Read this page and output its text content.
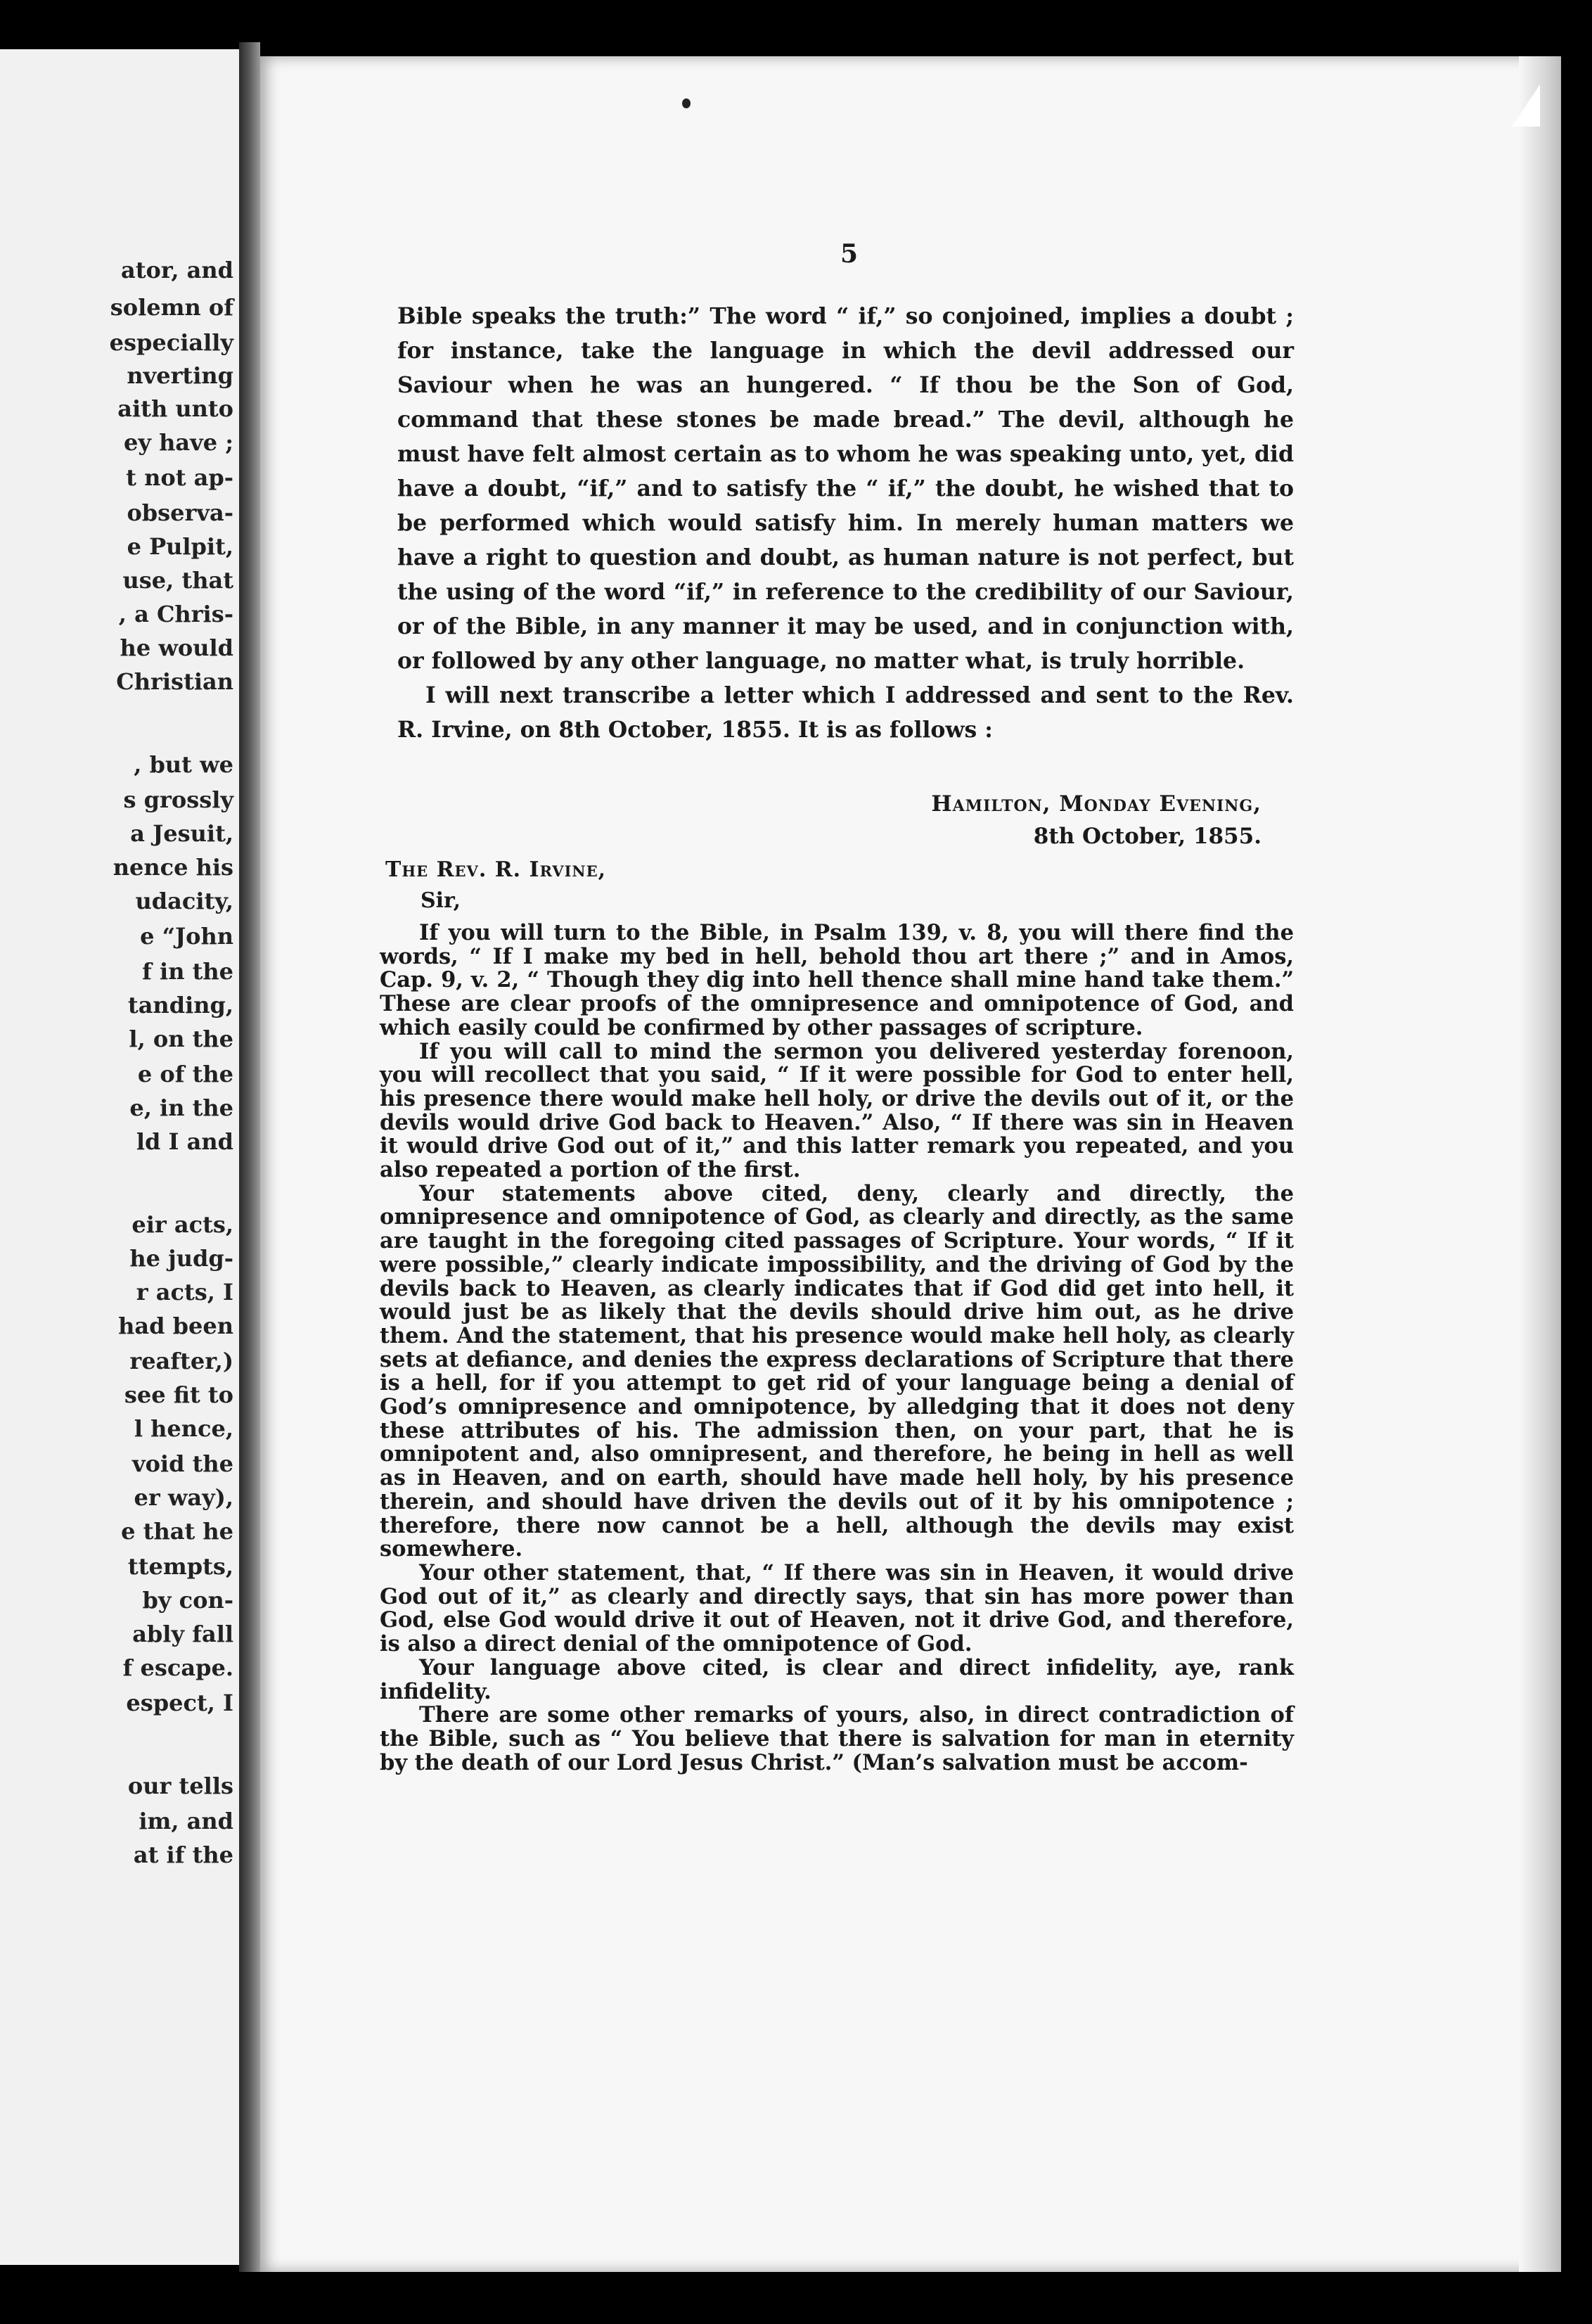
ator, and
solemn of
especially
nverting
aith unto
ey have ;
t not ap-
observa-
e Pulpit,
use, that
, a Chris-
he would
Christian
, but we
s grossly
a Jesuit,
nence his
udacity,
e “John
f in the
tanding,
l, on the
e of the
e, in the
ld I and
eir acts,
he judg-
r acts, I
had been
reafter,)
see fit to
l hence,
void the
er way),
e that he
ttempts,
by con-
ably fall
f escape.
espect, I
our tells
im, and
at if the
5

Bible speaks the truth:” The word “ if,” so conjoined, implies a doubt ; for instance, take the language in which the devil addressed our Saviour when he was an hungered. “ If thou be the Son of God, command that these stones be made bread.” The devil, although he must have felt almost certain as to whom he was speaking unto, yet, did have a doubt, “if,” and to satisfy the “ if,” the doubt, he wished that to be performed which would satisfy him. In merely human matters we have a right to question and doubt, as human nature is not perfect, but the using of the word “if,” in reference to the credibility of our Saviour, or of the Bible, in any manner it may be used, and in conjunction with, or followed by any other language, no matter what, is truly horrible.

I will next transcribe a letter which I addressed and sent to the Rev. R. Irvine, on 8th October, 1855. It is as follows :

Hamilton, Monday Evening,
8th October, 1855.
The Rev. R. Irvine,
Sir,

If you will turn to the Bible, in Psalm 139, v. 8, you will there find the words, “ If I make my bed in hell, behold thou art there ;” and in Amos, Cap. 9, v. 2, “ Though they dig into hell thence shall mine hand take them.” These are clear proofs of the omnipresence and omnipotence of God, and which easily could be confirmed by other passages of scripture.

If you will call to mind the sermon you delivered yesterday forenoon, you will recollect that you said, “ If it were possible for God to enter hell, his presence there would make hell holy, or drive the devils out of it, or the devils would drive God back to Heaven.” Also, “ If there was sin in Heaven it would drive God out of it,” and this latter remark you repeated, and you also repeated a portion of the first.

Your statements above cited, deny, clearly and directly, the omnipresence and omnipotence of God, as clearly and directly, as the same are taught in the foregoing cited passages of Scripture. Your words, “ If it were possible,” clearly indicate impossibility, and the driving of God by the devils back to Heaven, as clearly indicates that if God did get into hell, it would just be as likely that the devils should drive him out, as he drive them. And the statement, that his presence would make hell holy, as clearly sets at defiance, and denies the express declarations of Scripture that there is a hell, for if you attempt to get rid of your language being a denial of God’s omnipresence and omnipotence, by alledging that it does not deny these attributes of his. The admission then, on your part, that he is omnipotent and, also omnipresent, and therefore, he being in hell as well as in Heaven, and on earth, should have made hell holy, by his presence therein, and should have driven the devils out of it by his omnipotence ; therefore, there now cannot be a hell, although the devils may exist somewhere.

Your other statement, that, “ If there was sin in Heaven, it would drive God out of it,” as clearly and directly says, that sin has more power than God, else God would drive it out of Heaven, not it drive God, and therefore, is also a direct denial of the omnipotence of God.

Your language above cited, is clear and direct infidelity, aye, rank infidelity.

There are some other remarks of yours, also, in direct contradiction of the Bible, such as “ You believe that there is salvation for man in eternity by the death of our Lord Jesus Christ.” (Man’s salvation must be accom-
